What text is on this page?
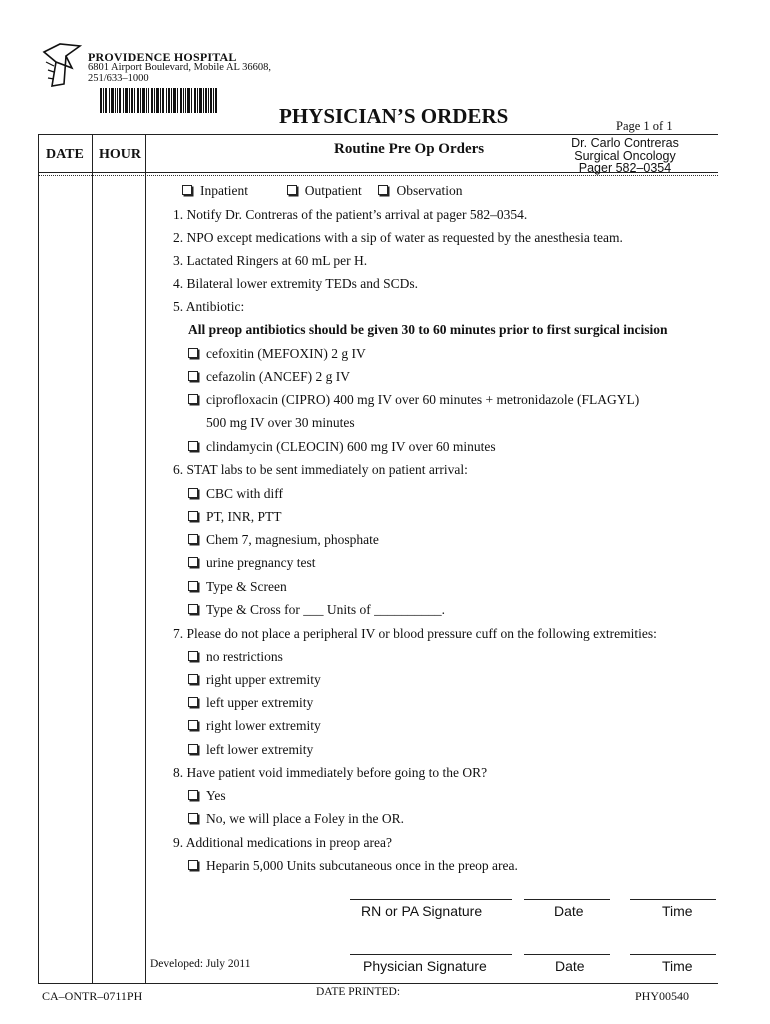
PROVIDENCE HOSPITAL
6801 Airport Boulevard, Mobile AL 36608,
251/633–1000
PHYSICIAN’S ORDERS	Page 1 of 1
DATE HOUR	Routine Pre Op Orders	Dr. Carlo Contreras
Surgical Oncology
Pager 582–0354
Inpatient	Outpatient	Observation
1. Notify Dr. Contreras of the patient’s arrival at pager 582–0354.
2. NPO except medications with a sip of water as requested by the anesthesia team.
3. Lactated Ringers at 60 mL per H.
4. Bilateral lower extremity TEDs and SCDs.
5. Antibiotic:
All preop antibiotics should be given 30 to 60 minutes prior to first surgical incision
cefoxitin (MEFOXIN) 2 g IV
cefazolin (ANCEF) 2 g IV
ciprofloxacin (CIPRO) 400 mg IV over 60 minutes + metronidazole (FLAGYL)
500 mg IV over 30 minutes
clindamycin (CLEOCIN) 600 mg IV over 60 minutes
6. STAT labs to be sent immediately on patient arrival:
CBC with diff
PT, INR, PTT
Chem 7, magnesium, phosphate
urine pregnancy test
Type & Screen
Type & Cross for ___ Units of __________.
7. Please do not place a peripheral IV or blood pressure cuff on the following extremities:
no restrictions
right upper extremity
left upper extremity
right lower extremity
left lower extremity
8. Have patient void immediately before going to the OR?
Yes
No, we will place a Foley in the OR.
9. Additional medications in preop area?
Heparin 5,000 Units subcutaneous once in the preop area.
RN or PA Signature	Date	Time
Physician Signature	Date	Time
Developed: July 2011
CA–ONTR–0711PH	DATE PRINTED:	PHY00540
